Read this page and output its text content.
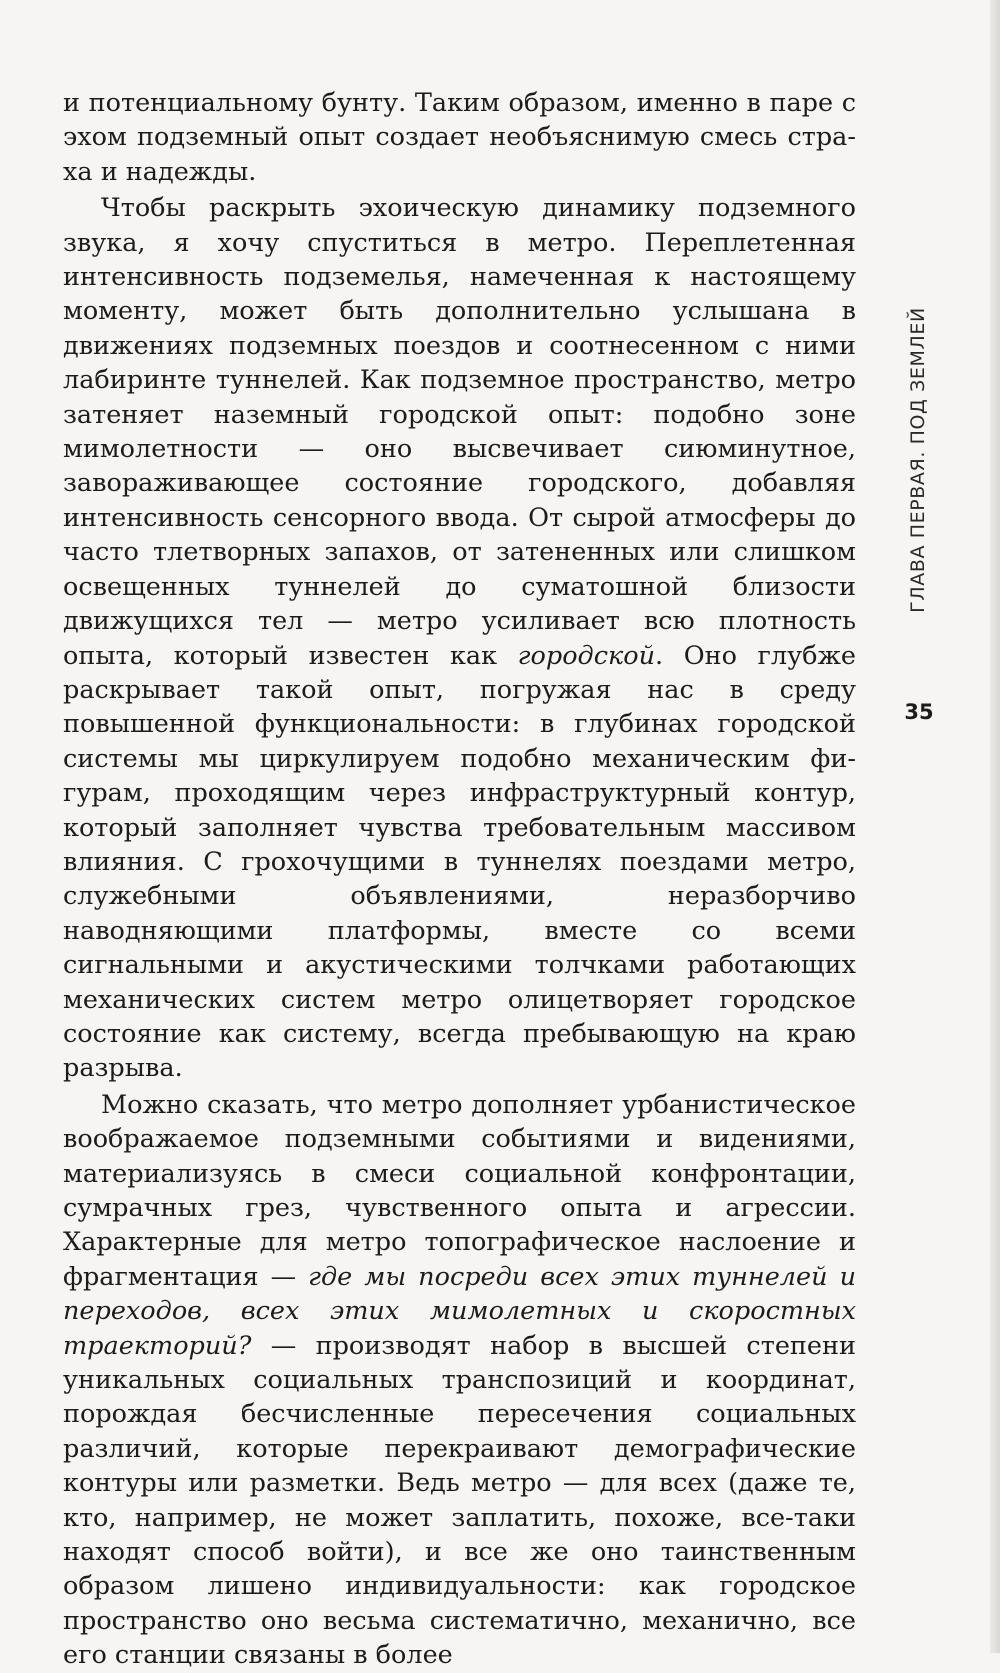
и потенциальному бунту. Таким образом, именно в паре с эхом подземный опыт создает необъяснимую смесь страха и надежды.

Чтобы раскрыть эхоическую динамику подземного звука, я хочу спуститься в метро. Переплетенная интенсивность подземелья, намеченная к настоящему моменту, может быть дополнительно услышана в движениях подземных поездов и соотнесенном с ними лабиринте туннелей. Как подземное пространство, метро затеняет наземный городской опыт: подобно зоне мимолетности — оно высвечивает сиюминутное, завораживающее состояние городского, добавляя интенсивность сенсорного ввода. От сырой атмосферы до часто тлетворных запахов, от затененных или слишком освещенных туннелей до суматошной близости движущихся тел — метро усиливает всю плотность опыта, который известен как городской. Оно глубже раскрывает такой опыт, погружая нас в среду повышенной функциональности: в глубинах городской системы мы циркулируем подобно механическим фигурам, проходящим через инфраструктурный контур, который заполняет чувства требовательным массивом влияния. С грохочущими в туннелях поездами метро, служебными объявлениями, неразборчиво наводняющими платформы, вместе со всеми сигнальными и акустическими толчками работающих механических систем метро олицетворяет городское состояние как систему, всегда пребывающую на краю разрыва.

Можно сказать, что метро дополняет урбанистическое воображаемое подземными событиями и видениями, материализуясь в смеси социальной конфронтации, сумрачных грез, чувственного опыта и агрессии. Характерные для метро топографическое наслоение и фрагментация — где мы посреди всех этих туннелей и переходов, всех этих мимолетных и скоростных траекторий? — производят набор в высшей степени уникальных социальных транспозиций и координат, порождая бесчисленные пересечения социальных различий, которые перекраивают демографические контуры или разметки. Ведь метро — для всех (даже те, кто, например, не может заплатить, похоже, все-таки находят способ войти), и все же оно таинственным образом лишено индивидуальности: как городское пространство оно весьма систематично, механично, все его станции связаны в более

ГЛАВА ПЕРВАЯ. ПОД ЗЕМЛЕЙ
35
